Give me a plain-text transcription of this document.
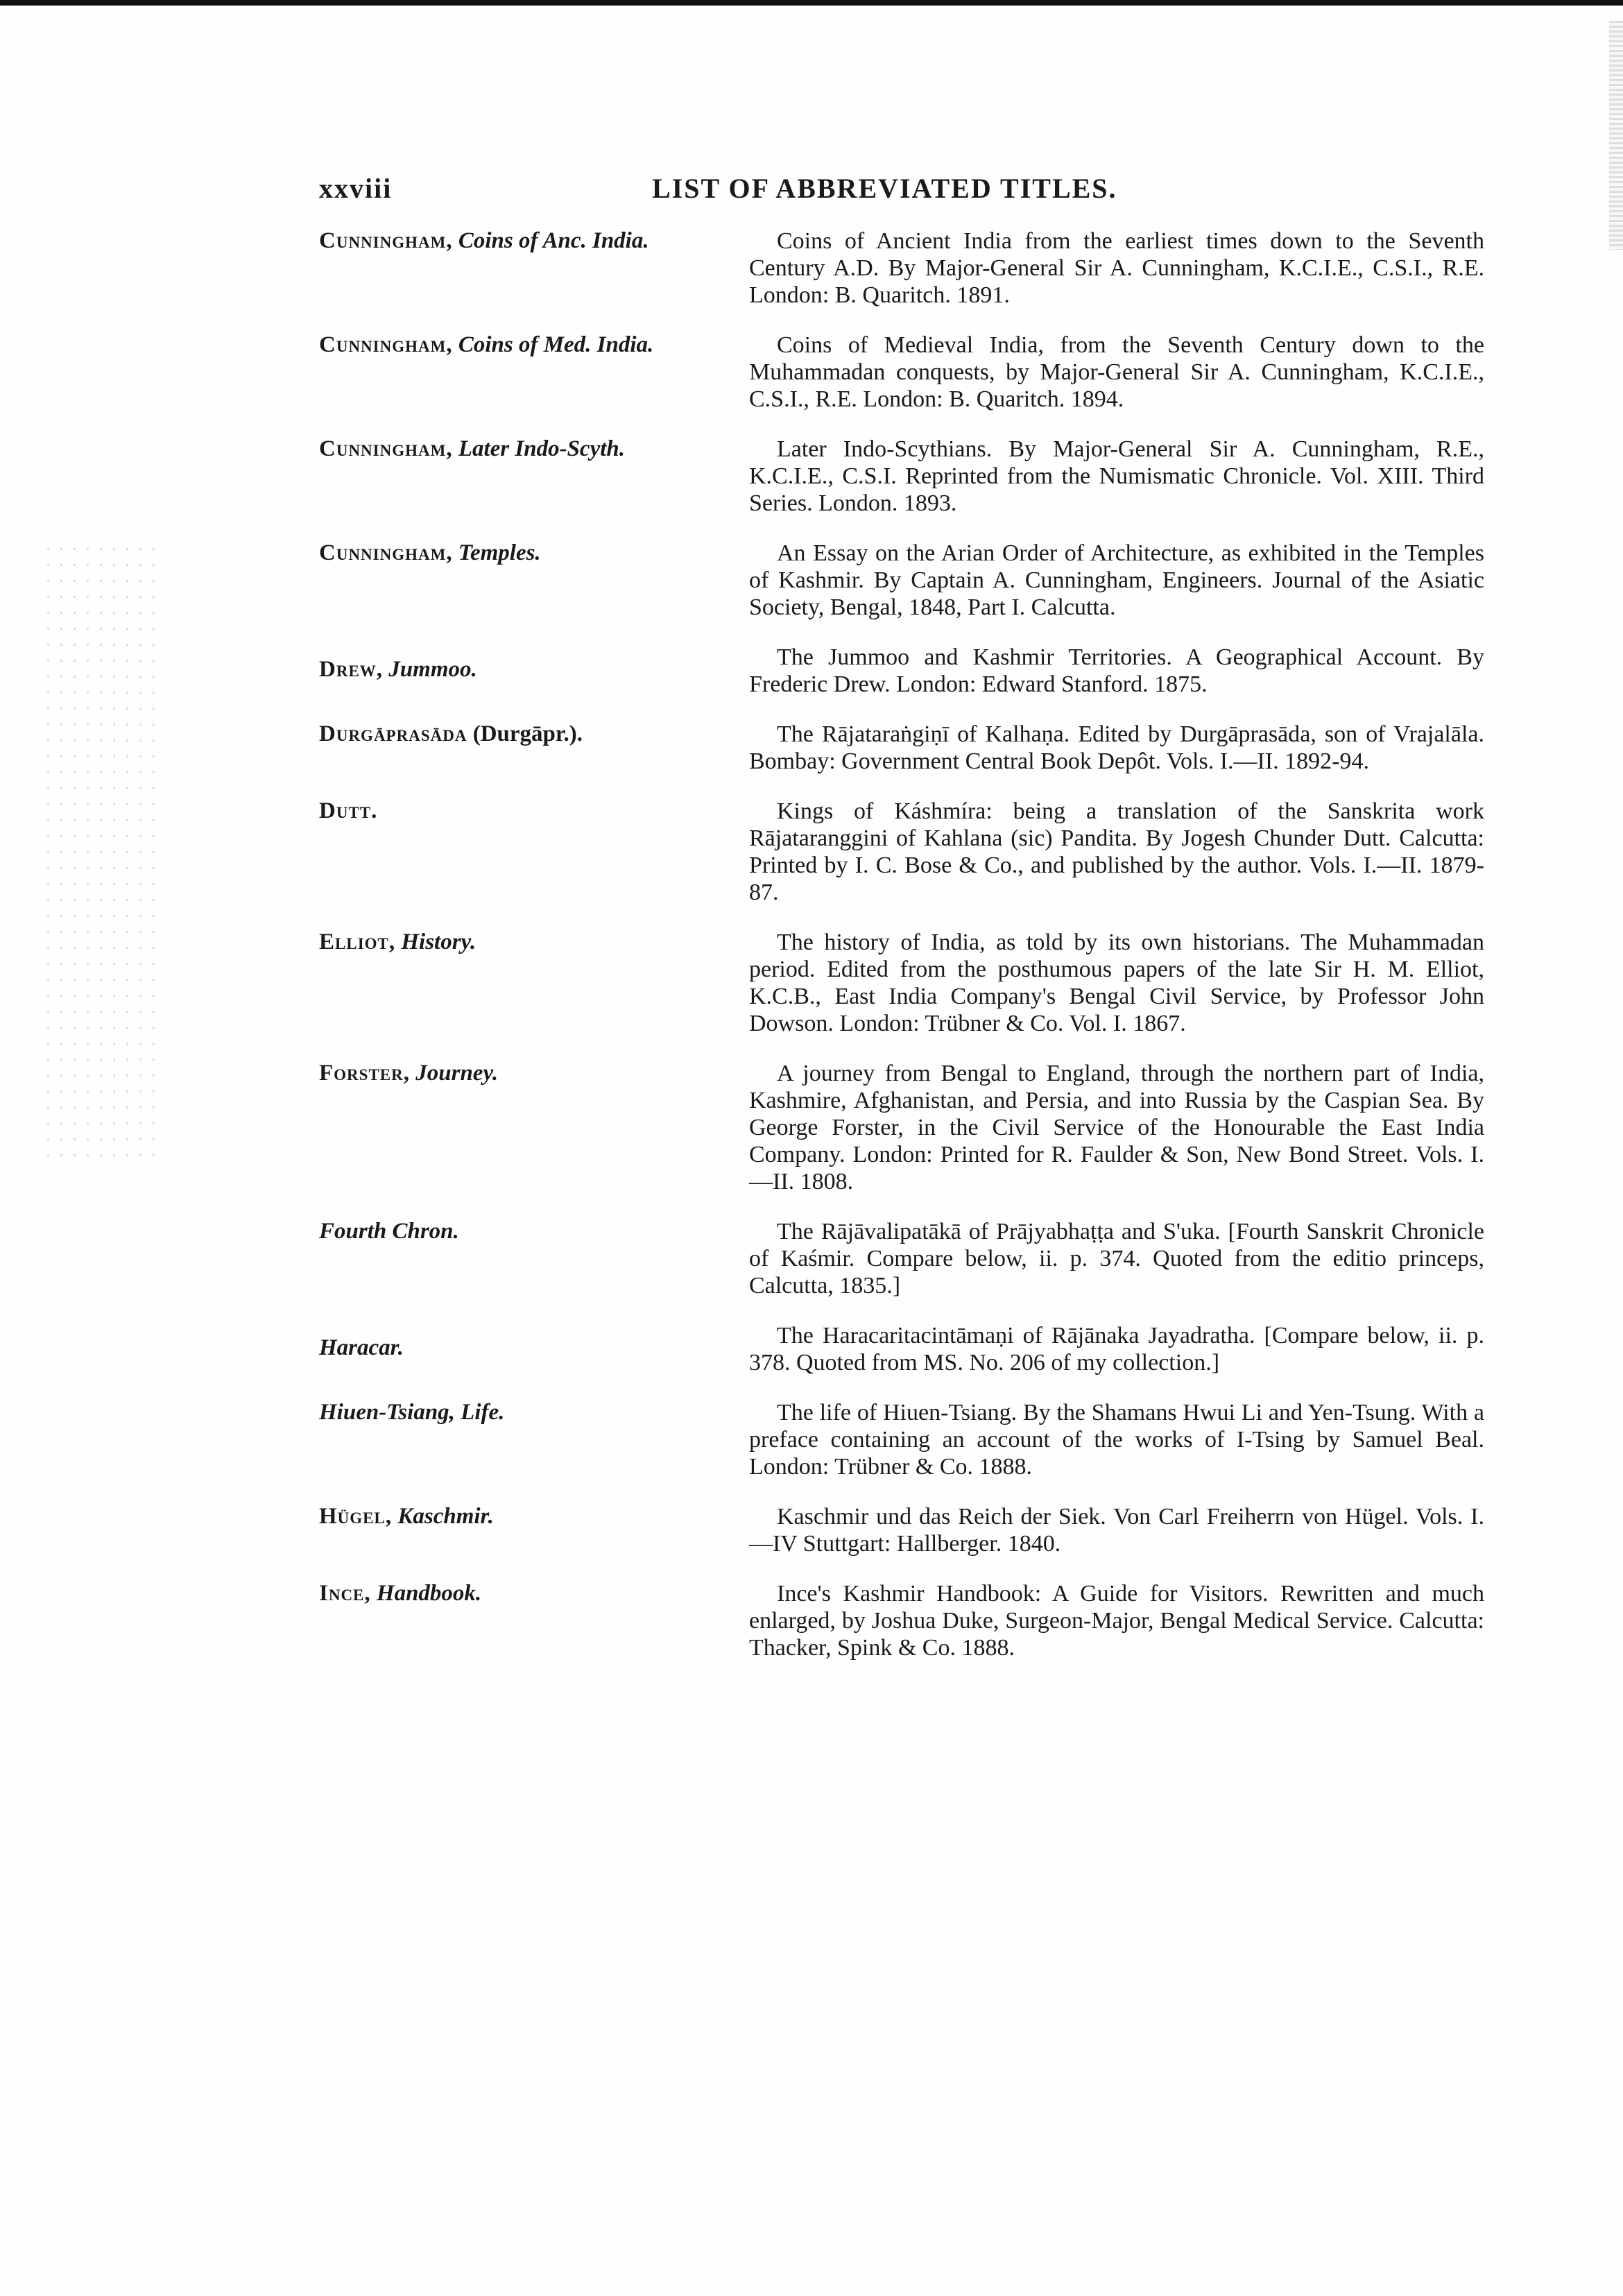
xxviii	LIST OF ABBREVIATED TITLES.
Cunningham, Coins of Anc. India.	Coins of Ancient India from the earliest times down to the Seventh Century A.D. By Major-General Sir A. Cunningham, K.C.I.E., C.S.I., R.E. London: B. Quaritch. 1891.
Cunningham, Coins of Med. India.	Coins of Medieval India, from the Seventh Century down to the Muhammadan conquests, by Major-General Sir A. Cunningham, K.C.I.E., C.S.I., R.E. London: B. Quaritch. 1894.
Cunningham, Later Indo-Scyth.	Later Indo-Scythians. By Major-General Sir A. Cunningham, R.E., K.C.I.E., C.S.I. Reprinted from the Numismatic Chronicle. Vol. XIII. Third Series. London. 1893.
Cunningham, Temples.	An Essay on the Arian Order of Architecture, as exhibited in the Temples of Kashmir. By Captain A. Cunningham, Engineers. Journal of the Asiatic Society, Bengal, 1848, Part I. Calcutta.
Drew, Jummoo.	The Jummoo and Kashmir Territories. A Geographical Account. By Frederic Drew. London: Edward Stanford. 1875.
Durgāprasāda (Durgāpr.).	The Rājataraṅgiṇī of Kalhaṇa. Edited by Durgāprasāda, son of Vrajalāla. Bombay: Government Central Book Depôt. Vols. I.—II. 1892-94.
Dutt.	Kings of Káshmíra: being a translation of the Sanskrita work Rājataranggini of Kahlana (sic) Pandita. By Jogesh Chunder Dutt. Calcutta: Printed by I. C. Bose & Co., and published by the author. Vols. I.—II. 1879-87.
Elliot, History.	The history of India, as told by its own historians. The Muhammadan period. Edited from the posthumous papers of the late Sir H. M. Elliot, K.C.B., East India Company's Bengal Civil Service, by Professor John Dowson. London: Trübner & Co. Vol. I. 1867.
Forster, Journey.	A journey from Bengal to England, through the northern part of India, Kashmire, Afghanistan, and Persia, and into Russia by the Caspian Sea. By George Forster, in the Civil Service of the Honourable the East India Company. London: Printed for R. Faulder & Son, New Bond Street. Vols. I.—II. 1808.
Fourth Chron.	The Rājāvalipatākā of Prājyabhaṭṭa and S'uka. [Fourth Sanskrit Chronicle of Kaśmir. Compare below, ii. p. 374. Quoted from the editio princeps, Calcutta, 1835.]
Haracar.	The Haracaritacintāmaṇi of Rājānaka Jayadratha. [Compare below, ii. p. 378. Quoted from MS. No. 206 of my collection.]
Hiuen-Tsiang, Life.	The life of Hiuen-Tsiang. By the Shamans Hwui Li and Yen-Tsung. With a preface containing an account of the works of I-Tsing by Samuel Beal. London: Trübner & Co. 1888.
Hügel, Kaschmir.	Kaschmir und das Reich der Siek. Von Carl Freiherrn von Hügel. Vols. I.—IV Stuttgart: Hallberger. 1840.
Ince, Handbook.	Ince's Kashmir Handbook: A Guide for Visitors. Rewritten and much enlarged, by Joshua Duke, Surgeon-Major, Bengal Medical Service. Calcutta: Thacker, Spink & Co. 1888.
